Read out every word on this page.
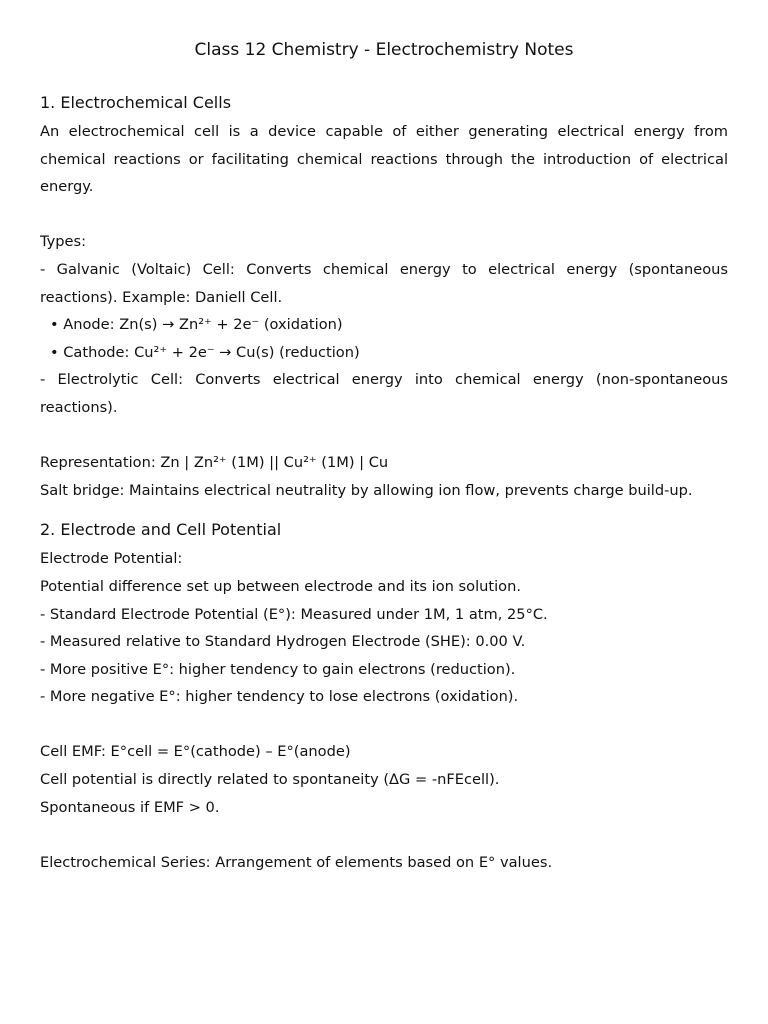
Class 12 Chemistry - Electrochemistry Notes
1. Electrochemical Cells

An electrochemical cell is a device capable of either generating electrical energy from chemical reactions or facilitating chemical reactions through the introduction of electrical energy.

Types:

- Galvanic (Voltaic) Cell: Converts chemical energy to electrical energy (spontaneous reactions). Example: Daniell Cell.

• Anode: Zn(s) → Zn²⁺ + 2e⁻ (oxidation)

• Cathode: Cu²⁺ + 2e⁻ → Cu(s) (reduction)

- Electrolytic Cell: Converts electrical energy into chemical energy (non-spontaneous reactions).

Representation: Zn | Zn²⁺ (1M) || Cu²⁺ (1M) | Cu

Salt bridge: Maintains electrical neutrality by allowing ion flow, prevents charge build-up.

2. Electrode and Cell Potential

Electrode Potential:

Potential difference set up between electrode and its ion solution.

- Standard Electrode Potential (E°): Measured under 1M, 1 atm, 25°C.

- Measured relative to Standard Hydrogen Electrode (SHE): 0.00 V.

- More positive E°: higher tendency to gain electrons (reduction).

- More negative E°: higher tendency to lose electrons (oxidation).

Cell EMF: E°cell = E°(cathode) – E°(anode)

Cell potential is directly related to spontaneity (ΔG = -nFEcell).

Spontaneous if EMF > 0.

Electrochemical Series: Arrangement of elements based on E° values.
